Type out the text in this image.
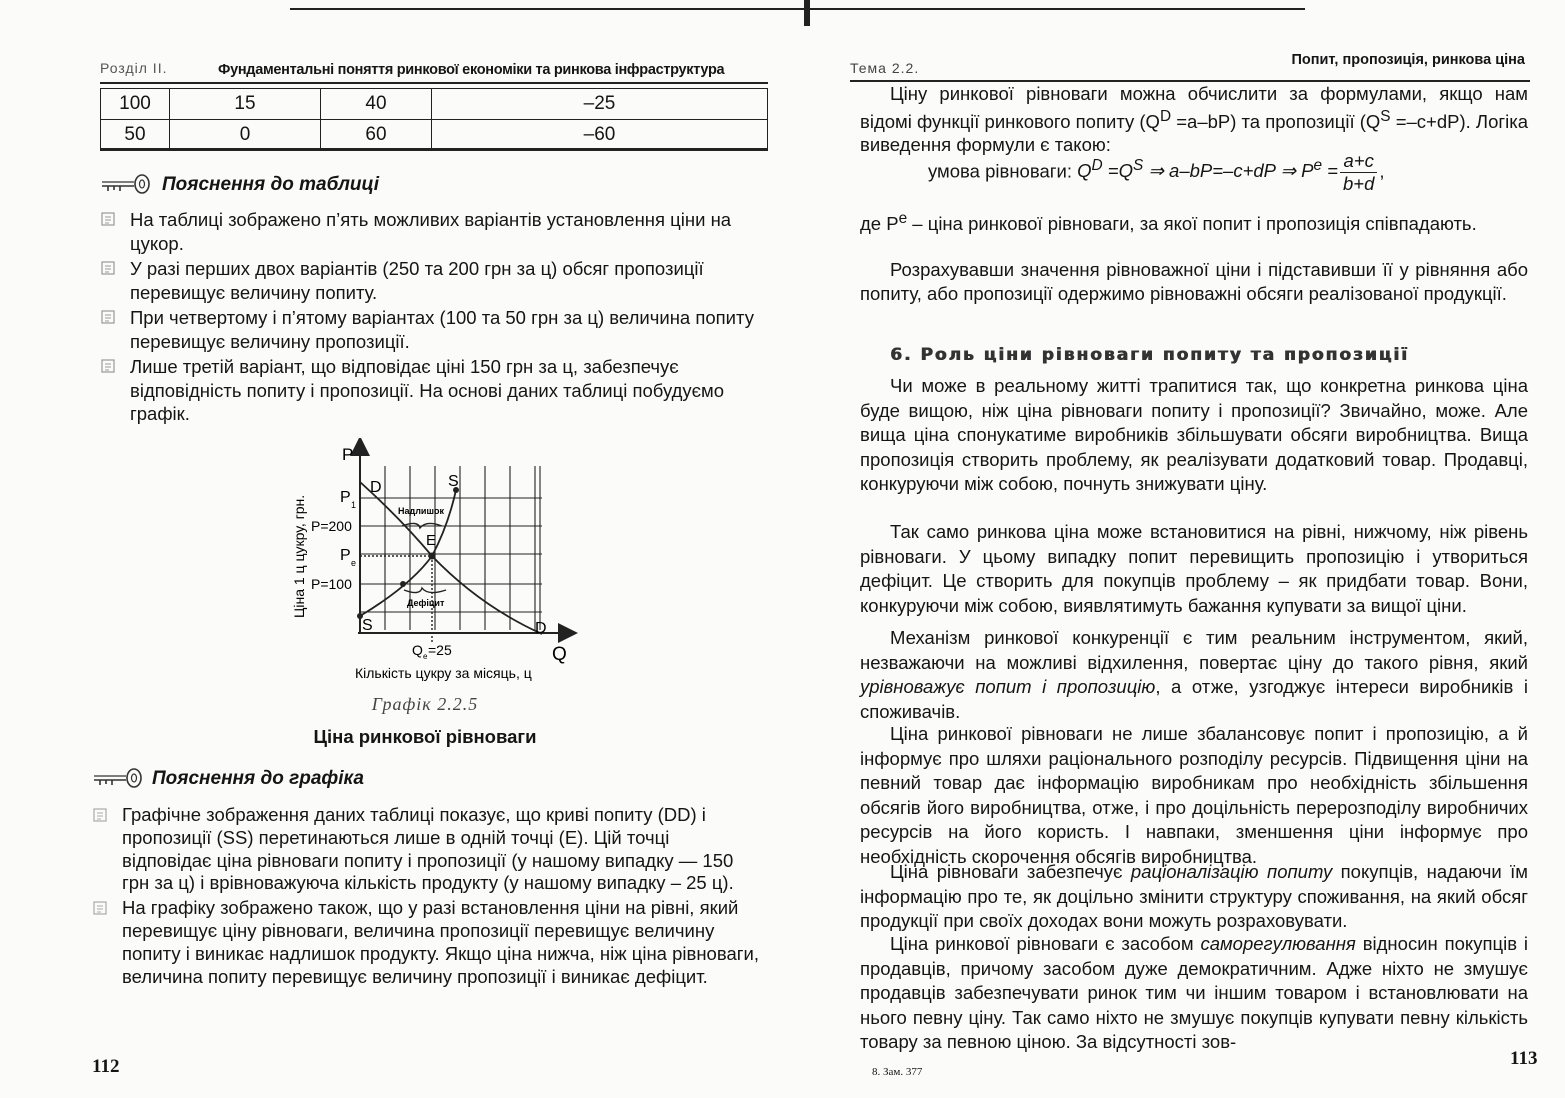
Розділ II.	Фундаментальні поняття ринкової економіки та ринкова інфраструктура
100	15	40	–25
50	0	60	–60
Пояснення до таблиці
На таблиці зображено п’ять можливих варіантів установлення ціни на цукор.
У разі перших двох варіантів (250 та 200 грн за ц) обсяг пропозиції перевищує величину попиту.
При четвертому і п’ятому варіантах (100 та 50 грн за ц) величина попиту перевищує величину пропозиції.
Лише третій варіант, що відповідає ціні 150 грн за ц, забезпечує відповідність попиту і пропозиції. На основі даних таблиці побудуємо графік.
P
Q
P 1
P=200
P e
P=100
D	S
S	D
E
Надлишок
Дефіцит
Q e =25
Кількість цукру за місяць, ц
Ціна 1 ц цукру, грн.
Графік 2.2.5
Ціна ринкової рівноваги
Пояснення до графіка
Графічне зображення даних таблиці показує, що криві попиту (DD) і пропозиції (SS) перетинаються лише в одній точці (Е). Цій точці відповідає ціна рівноваги попиту і пропозиції (у нашому випадку — 150 грн за ц) і врівноважуюча кількість продукту (у нашому випадку – 25 ц).
На графіку зображено також, що у разі встановлення ціни на рівні, який перевищує ціну рівноваги, величина пропозиції перевищує величину попиту і виникає надлишок продукту. Якщо ціна нижча, ніж ціна рівноваги, величина попиту перевищує величину пропозиції і виникає дефіцит.
112
Тема 2.2.	Попит, пропозиція, ринкова ціна

Ціну ринкової рівноваги можна обчислити за формулами, якщо нам відомі функції ринкового попиту $(Q^D =a-bP)$ та пропозиції $(Q^S =-c+dP)$. Логіка виведення формули є такою:

умова рівноваги: $Q^D =Q^S$ ⇒ a–bP=–c+dP ⇒ $P^e = \frac{a+c}{b+d}$ ,

де $P^e$ – ціна ринкової рівноваги, за якої попит і пропозиція співпадають.

Розрахувавши значення рівноважної ціни і підставивши її у рівняння або попиту, або пропозиції одержимо рівноважні обсяги реалізованої продукції.

6. Роль ціни рівноваги попиту та пропозиції

Чи може в реальному житті трапитися так, що конкретна ринкова ціна буде вищою, ніж ціна рівноваги попиту і пропозиції? Звичайно, може. Але вища ціна спонукатиме виробників збільшувати обсяги виробництва. Вища пропозиція створить проблему, як реалізувати додатковий товар. Продавці, конкуруючи між собою, почнуть знижувати ціну.

Так само ринкова ціна може встановитися на рівні, нижчому, ніж рівень рівноваги. У цьому випадку попит перевищить пропозицію і утвориться дефіцит. Це створить для покупців проблему – як придбати товар. Вони, конкуруючи між собою, виявлятимуть бажання купувати за вищої ціни.

Механізм ринкової конкуренції є тим реальним інструментом, який, незважаючи на можливі відхилення, повертає ціну до такого рівня, який урівноважує попит і пропозицію, а отже, узгоджує інтереси виробників і споживачів.

Ціна ринкової рівноваги не лише збалансовує попит і пропозицію, а й інформує про шляхи раціонального розподілу ресурсів. Підвищення ціни на певний товар дає інформацію виробникам про необхідність збільшення обсягів його виробництва, отже, і про доцільність перерозподілу виробничих ресурсів на його користь. І навпаки, зменшення ціни інформує про необхідність скорочення обсягів виробництва.

Ціна рівноваги забезпечує раціоналізацію попиту покупців, надаючи їм інформацію про те, як доцільно змінити структуру споживання, на який обсяг продукції при своїх доходах вони можуть розраховувати.

Ціна ринкової рівноваги є засобом саморегулювання відносин покупців і продавців, причому засобом дуже демократичним. Адже ніхто не змушує продавців забезпечувати ринок тим чи іншим товаром і встановлювати на нього певну ціну. Так само ніхто не змушує покупців купувати певну кількість товару за певною ціною. За відсутності зов-

8. Зам. 377
113
